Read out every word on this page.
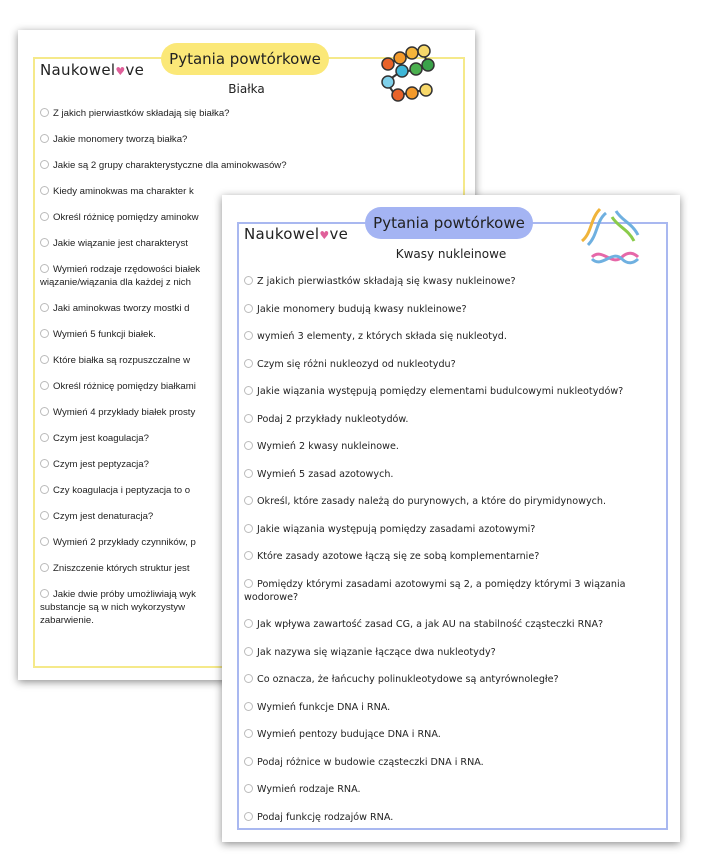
Naukowel♥ve
Pytania powtórkowe
Białka
Z jakich pierwiastków składają się białka?
Jakie monomery tworzą białka?
Jakie są 2 grupy charakterystyczne dla aminokwasów?
Kiedy aminokwas ma charakter k
Określ różnicę pomiędzy aminokw
Jakie wiązanie jest charakteryst
Wymień rodzaje rzędowości białek wiązanie/wiązania dla każdej z nich
Jaki aminokwas tworzy mostki d
Wymień 5 funkcji białek.
Które białka są rozpuszczalne w
Określ różnicę pomiędzy białkami
Wymień 4 przykłady białek prosty
Czym jest koagulacja?
Czym jest peptyzacja?
Czy koagulacja i peptyzacja to o
Czym jest denaturacja?
Wymień 2 przykłady czynników, p
Zniszczenie których struktur jest
Jakie dwie próby umożliwiają wyk substancje są w nich wykorzystyw zabarwienie.
Naukowel♥ve
Pytania powtórkowe
Kwasy nukleinowe
Z jakich pierwiastków składają się kwasy nukleinowe?
Jakie monomery budują kwasy nukleinowe?
wymień 3 elementy, z których składa się nukleotyd.
Czym się różni nukleozyd od nukleotydu?
Jakie wiązania występują pomiędzy elementami budulcowymi nukleotydów?
Podaj 2 przykłady nukleotydów.
Wymień 2 kwasy nukleinowe.
Wymień 5 zasad azotowych.
Określ, które zasady należą do purynowych, a które do pirymidynowych.
Jakie wiązania występują pomiędzy zasadami azotowymi?
Które zasady azotowe łączą się ze sobą komplementarnie?
Pomiędzy którymi zasadami azotowymi są 2, a pomiędzy którymi 3 wiązania wodorowe?
Jak wpływa zawartość zasad CG, a jak AU na stabilność cząsteczki RNA?
Jak nazywa się wiązanie łączące dwa nukleotydy?
Co oznacza, że łańcuchy polinukleotydowe są antyrównoległe?
Wymień funkcje DNA i RNA.
Wymień pentozy budujące DNA i RNA.
Podaj różnice w budowie cząsteczki DNA i RNA.
Wymień rodzaje RNA.
Podaj funkcję rodzajów RNA.
